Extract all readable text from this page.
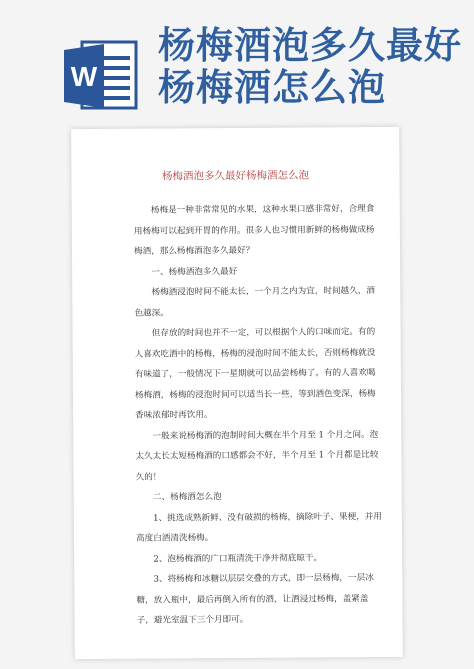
W
杨梅酒泡多久最好
杨梅酒怎么泡
杨梅酒泡多久最好杨梅酒怎么泡

杨梅是一种非常常见的水果，这种水果口感非常好，合理食用杨梅可以起到开胃的作用。很多人也习惯用新鲜的杨梅做成杨梅酒，那么杨梅酒泡多久最好？

一、杨梅酒泡多久最好

杨梅酒浸泡时间不能太长，一个月之内为宜，时间越久，酒色越深。

但存放的时间也并不一定，可以根据个人的口味而定。有的人喜欢吃酒中的杨梅，杨梅的浸泡时间不能太长，否则杨梅就没有味道了，一般情况下一星期就可以品尝杨梅了。有的人喜欢喝杨梅酒，杨梅的浸泡时间可以适当长一些，等到酒色变深，杨梅香味浓郁时再饮用。

一般来说杨梅酒的泡制时间大概在半个月至 1 个月之间。泡太久太长太短杨梅酒的口感都会不好，半个月至 1 个月都是比较久的！

二、杨梅酒怎么泡

1、挑选成熟新鲜、没有破损的杨梅，摘除叶子、果梗，并用高度白酒清洗杨梅。

2、泡杨梅酒的广口瓶清洗干净并彻底晾干。

3、将杨梅和冰糖以层层交叠的方式，即一层杨梅，一层冰糖，放入瓶中，最后再倒入所有的酒，让酒浸过杨梅，盖紧盖子，避光室温下三个月即可。
